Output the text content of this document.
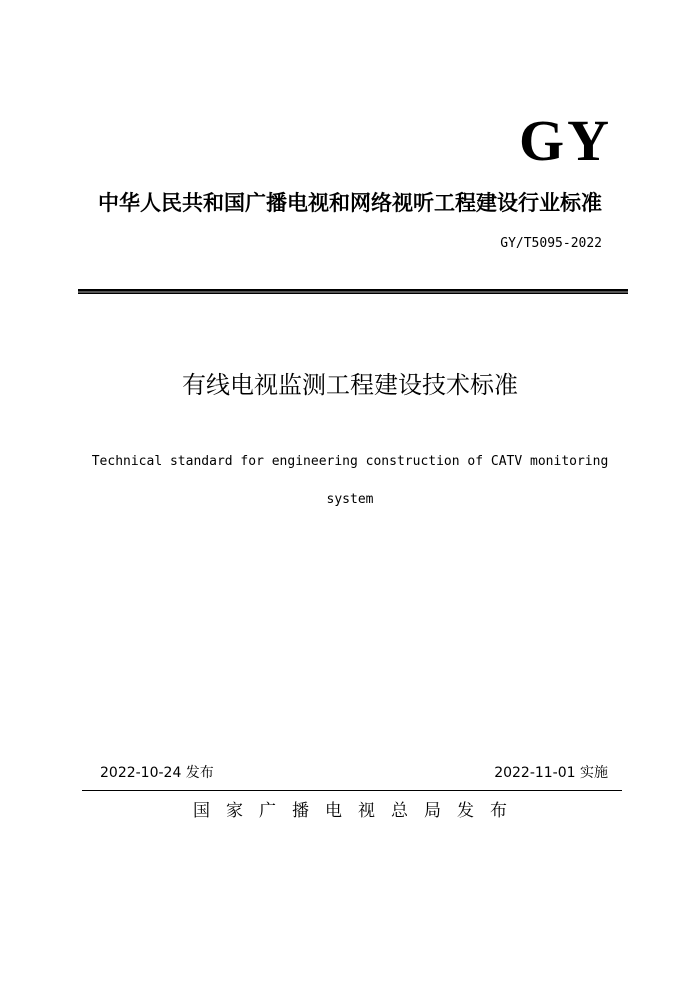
GY
中华人民共和国广播电视和网络视听工程建设行业标准
GY/T5095-2022
有线电视监测工程建设技术标准
Technical standard for engineering construction of CATV monitoring
system
2022-10-24 发布	2022-11-01 实施
国家广播电视总局发布
